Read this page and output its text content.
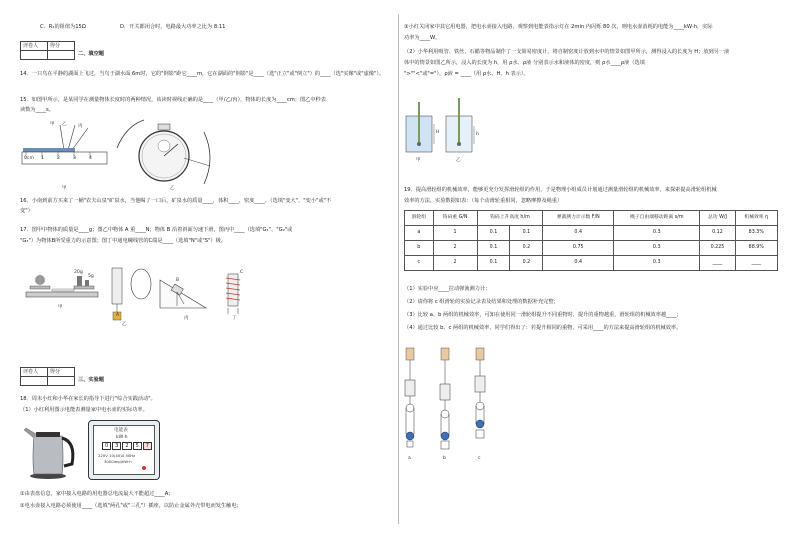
C．R₁的阻值为15Ω	D．开关都闭合时，电路最大功率之比为 8:11
评卷人	得分

二、填空题
14．一只鸟在平静的湖面上飞过，当鸟于湖水面 6m时，它的"倒影"距它____m，它在湖面的"倒影"是____（选"正立"或"倒立"）的____（选"实像"或"虚像"）。
15．如图甲所示，是某同学在测量物体长度时的两种情况，该读时视线正确的是____（甲/乙/丙），物体的长度为____cm；图乙中秒表
读数为____s。
甲 乙 丙
0cm 1	2	3	4
甲	乙
16．小南到前方买来了一桶"农夫山泉"矿泉水，当他喝了一口后，矿泉水的质量____，体积____，密度____。（选填"变大"、"变小"或"不
变"）
17．图甲中物体的质量是____g；图乙中物体 A 重____N；物体 B 沿着斜面匀速下滑，图丙中____（选填"G₁"、"G₂"或
"G₃"）为物体B所受重力的示意图；图丁中通电螺线管的C端是____（选填"N"或"S"）极。
20g
5g
甲
A
乙
B
丙
C
丁
评卷人	得分

三、实验题
18．周末小红和小华在家长的指导下进行"综合实践活动"。
（1）小红利用图示电能表测量家中电水壶的实际功率。
电能表
kW·h
0	3	2	5	7
220V 10(40)A 50Hz
3000imp/kW·h
①由表盘信息，家中接入电路的用电器总电流最大不能超过____A；
②电水壶接入电路必须使用____（选填"两孔"或"三孔"）插座，以防止金属外壳带电而发生触电；
③小红关闭家中其它用电器，把电水壶接入电路，观察到电能表指示灯在 2min 内闪烁 80 次，则电水壶消耗的电能为____kW·h，实际
功率为____W。
（2）小华利用吸管、铁丝、石蜡等物品制作了一支简易密度计，将自制密度计放到水中的情景如图甲所示，测得浸入的长度为 H；放到另一液
体中的情景如图乙所示，浸入的长度为 h，用 ρ水、ρ液 分别表示水和液体的密度，则 ρ水____ρ液（选填
">""<"或"="），ρ液 = ____（用 ρ水、H、h 表示）。
H	h
甲	乙
19．提高滑轮组的机械效率，能够更充分发挥滑轮组的作用，于是物理小组成员计划通过测量滑轮组的机械效率，来探索提高滑轮组机械
效率的方法，实验数据如表：（每个动滑轮重相同，忽略摩擦及绳重）
滑轮组	钩码重 G/N	钩码上升高度 h/m		弹簧测力计示数 F/N	绳子自由端移动距离 s/m	总功 W/J	机械效率 η
a	1	0.1	0.1	0.4	0.3	0.12	83.3%
b	2	0.1	0.2	0.75	0.3	0.225	88.9%
c	2	0.1	0.2	0.4	0.3	____	____
（1）实验中应____拉动弹簧测力计；
（2）请你将 c 组滑轮的实验记录表及结果和处理的数据补充完整；
（3）比较 a、b 两组的机械效率，可知在使用同一滑轮组提升不同重物时，提升的重物越重，滑轮组的机械效率越____；
（4）通过比较 b、c 两组的机械效率，同学们得出了：若提升相同的重物，可采用____的方法来提高滑轮组的机械效率。
a	b	c
